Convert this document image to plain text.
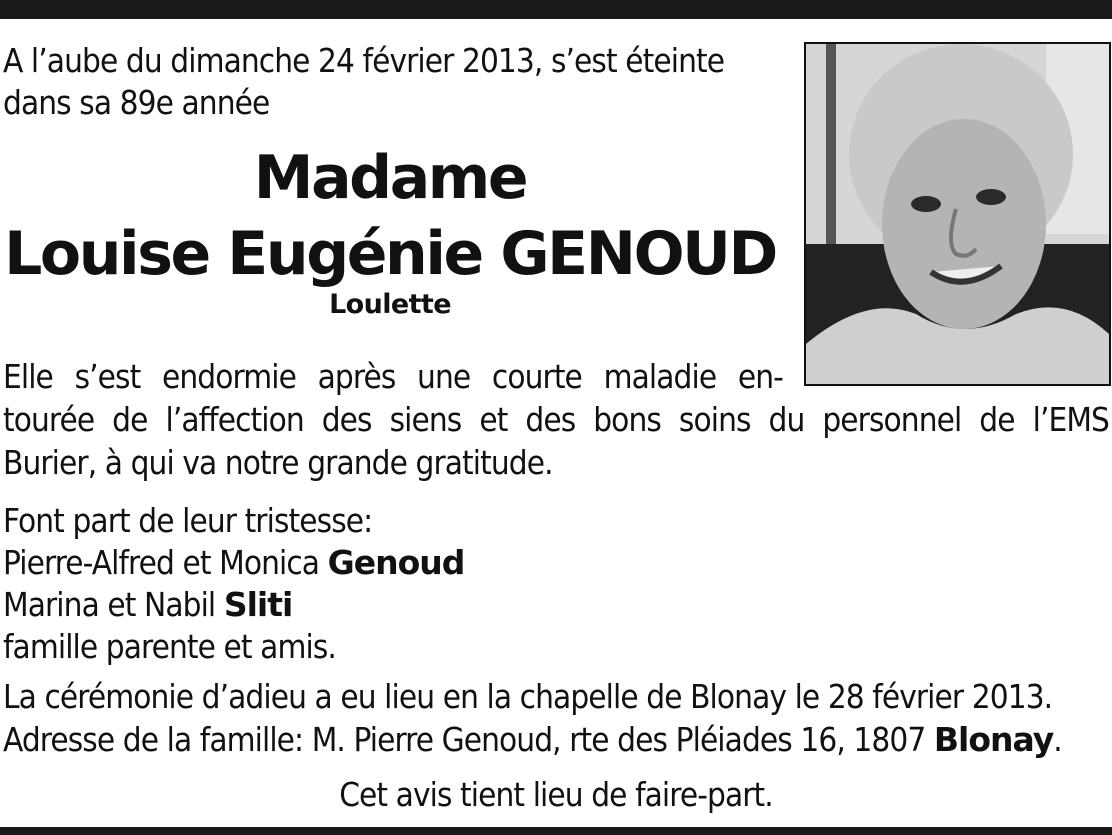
A l’aube du dimanche 24 février 2013, s’est éteinte
dans sa 89e année
Madame
Louise Eugénie GENOUD
Loulette
Elle s’est endormie après une courte maladie en-
tourée de l’affection des siens et des bons soins du personnel de l’EMS
Burier, à qui va notre grande gratitude.
Font part de leur tristesse:
Pierre-Alfred et Monica Genoud
Marina et Nabil Sliti
famille parente et amis.
La cérémonie d’adieu a eu lieu en la chapelle de Blonay le 28 février 2013.
Adresse de la famille: M. Pierre Genoud, rte des Pléiades 16, 1807 Blonay.
Cet avis tient lieu de faire-part.
